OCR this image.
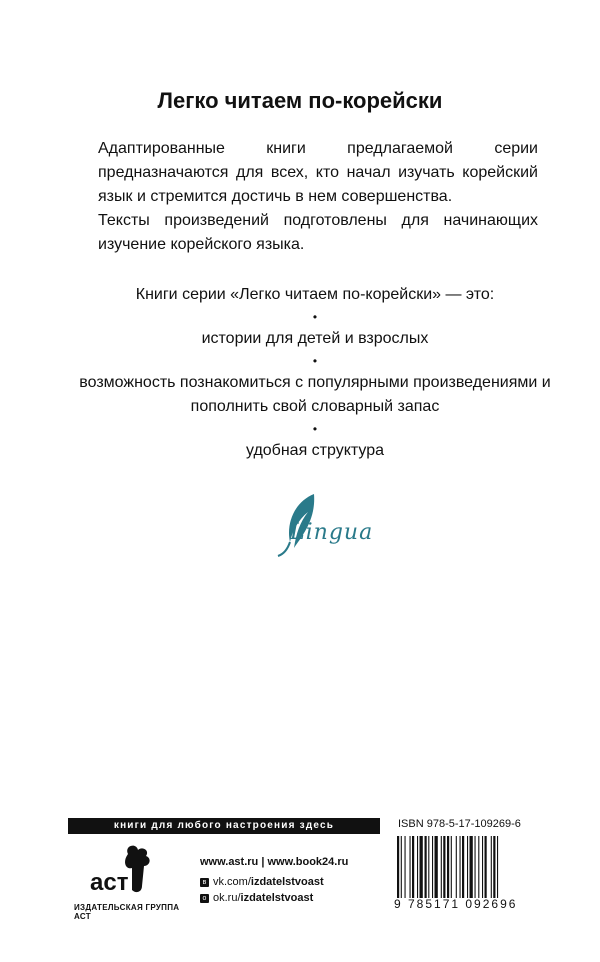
Легко читаем по-корейски

Адаптированные книги предлагаемой серии предназначаются для всех, кто начал изучать корейский язык и стремится достичь в нем совершенства.

Тексты произведений подготовлены для начинающих изучение корейского языка.

Книги серии «Легко читаем по-корейски» — это:

•

истории для детей и взрослых

•

возможность познакомиться с популярными произведениями и пополнить свой словарный запас

•

удобная структура

Lingua
книги для любого настроения здесь
аст
ИЗДАТЕЛЬСКАЯ ГРУППА АСТ
www.ast.ru | www.book24.ru
в vk.com/izdatelstvoast
o ok.ru/izdatelstvoast
ISBN 978-5-17-109269-6
9 785171 092696
